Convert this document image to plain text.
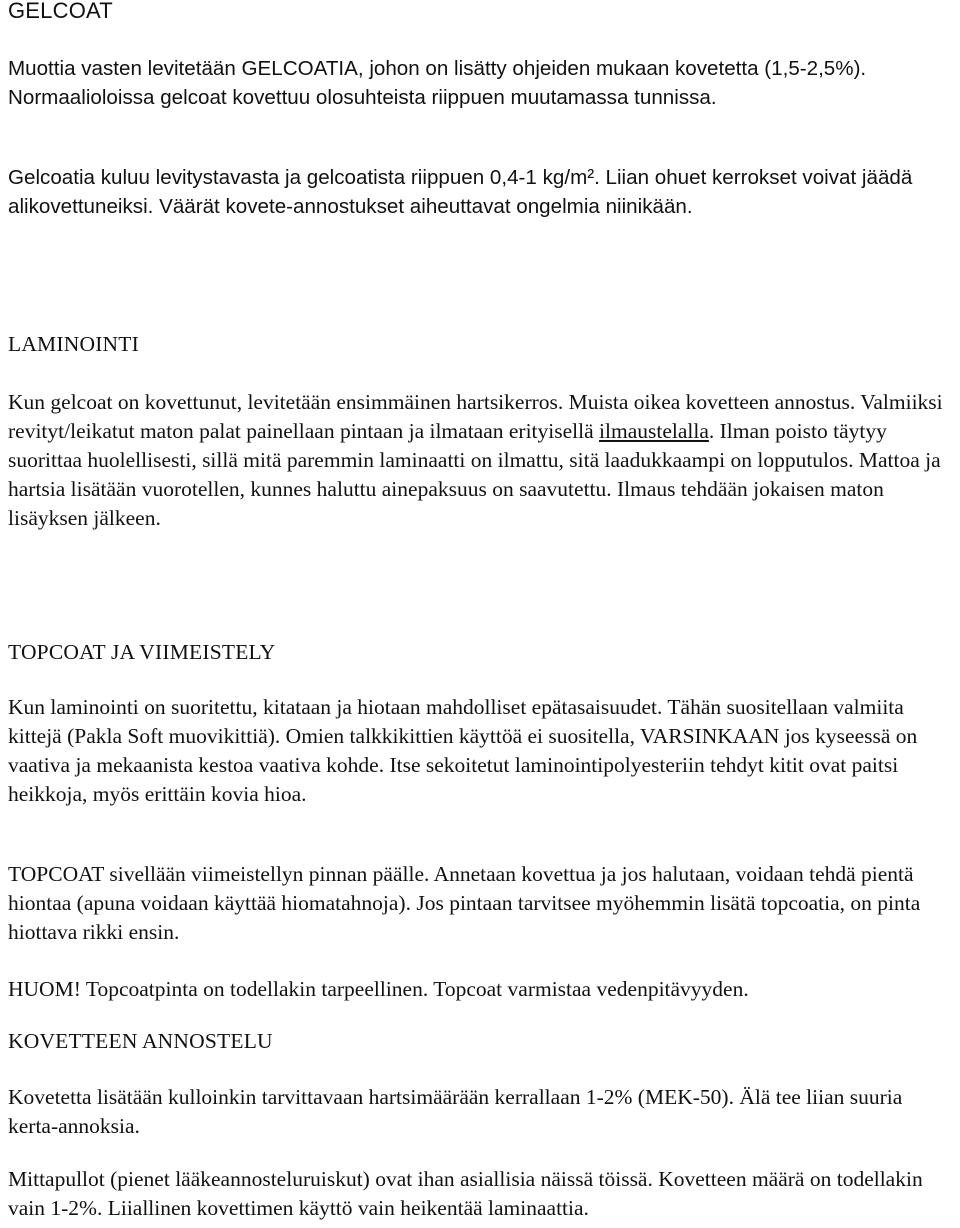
GELCOAT

Muottia vasten levitetään GELCOATIA, johon on lisätty ohjeiden mukaan kovetetta (1,5-2,5%). Normaalioloissa gelcoat kovettuu olosuhteista riippuen muutamassa tunnissa.

Gelcoatia kuluu levitystavasta ja gelcoatista riippuen 0,4-1 kg/m². Liian ohuet kerrokset voivat jäädä alikovettuneiksi. Väärät kovete-annostukset aiheuttavat ongelmia niinikään.

LAMINOINTI

Kun gelcoat on kovettunut, levitetään ensimmäinen hartsikerros. Muista oikea kovetteen annostus. Valmiiksi revityt/leikatut maton palat painellaan pintaan ja ilmataan erityisellä ilmaustelalla. Ilman poisto täytyy suorittaa huolellisesti, sillä mitä paremmin laminaatti on ilmattu, sitä laadukkaampi on lopputulos. Mattoa ja hartsia lisätään vuorotellen, kunnes haluttu ainepaksuus on saavutettu. Ilmaus tehdään jokaisen maton lisäyksen jälkeen.

TOPCOAT JA VIIMEISTELY

Kun laminointi on suoritettu, kitataan ja hiotaan mahdolliset epätasaisuudet. Tähän suositellaan valmiita kittejä (Pakla Soft muovikittiä). Omien talkkikittien käyttöä ei suositella, VARSINKAAN jos kyseessä on vaativa ja mekaanista kestoa vaativa kohde. Itse sekoitetut laminointipolyesteriin tehdyt kitit ovat paitsi heikkoja, myös erittäin kovia hioa.

TOPCOAT sivellään viimeistellyn pinnan päälle. Annetaan kovettua ja jos halutaan, voidaan tehdä pientä hiontaa (apuna voidaan käyttää hiomatahnoja). Jos pintaan tarvitsee myöhemmin lisätä topcoatia, on pinta hiottava rikki ensin.

HUOM! Topcoatpinta on todellakin tarpeellinen. Topcoat varmistaa vedenpitävyyden.

KOVETTEEN ANNOSTELU

Kovetetta lisätään kulloinkin tarvittavaan hartsimäärään kerrallaan 1-2% (MEK-50). Älä tee liian suuria kerta-annoksia.

Mittapullot (pienet lääkeannosteluruiskut) ovat ihan asiallisia näissä töissä. Kovetteen määrä on todellakin vain 1-2%. Liiallinen kovettimen käyttö vain heikentää laminaattia.
